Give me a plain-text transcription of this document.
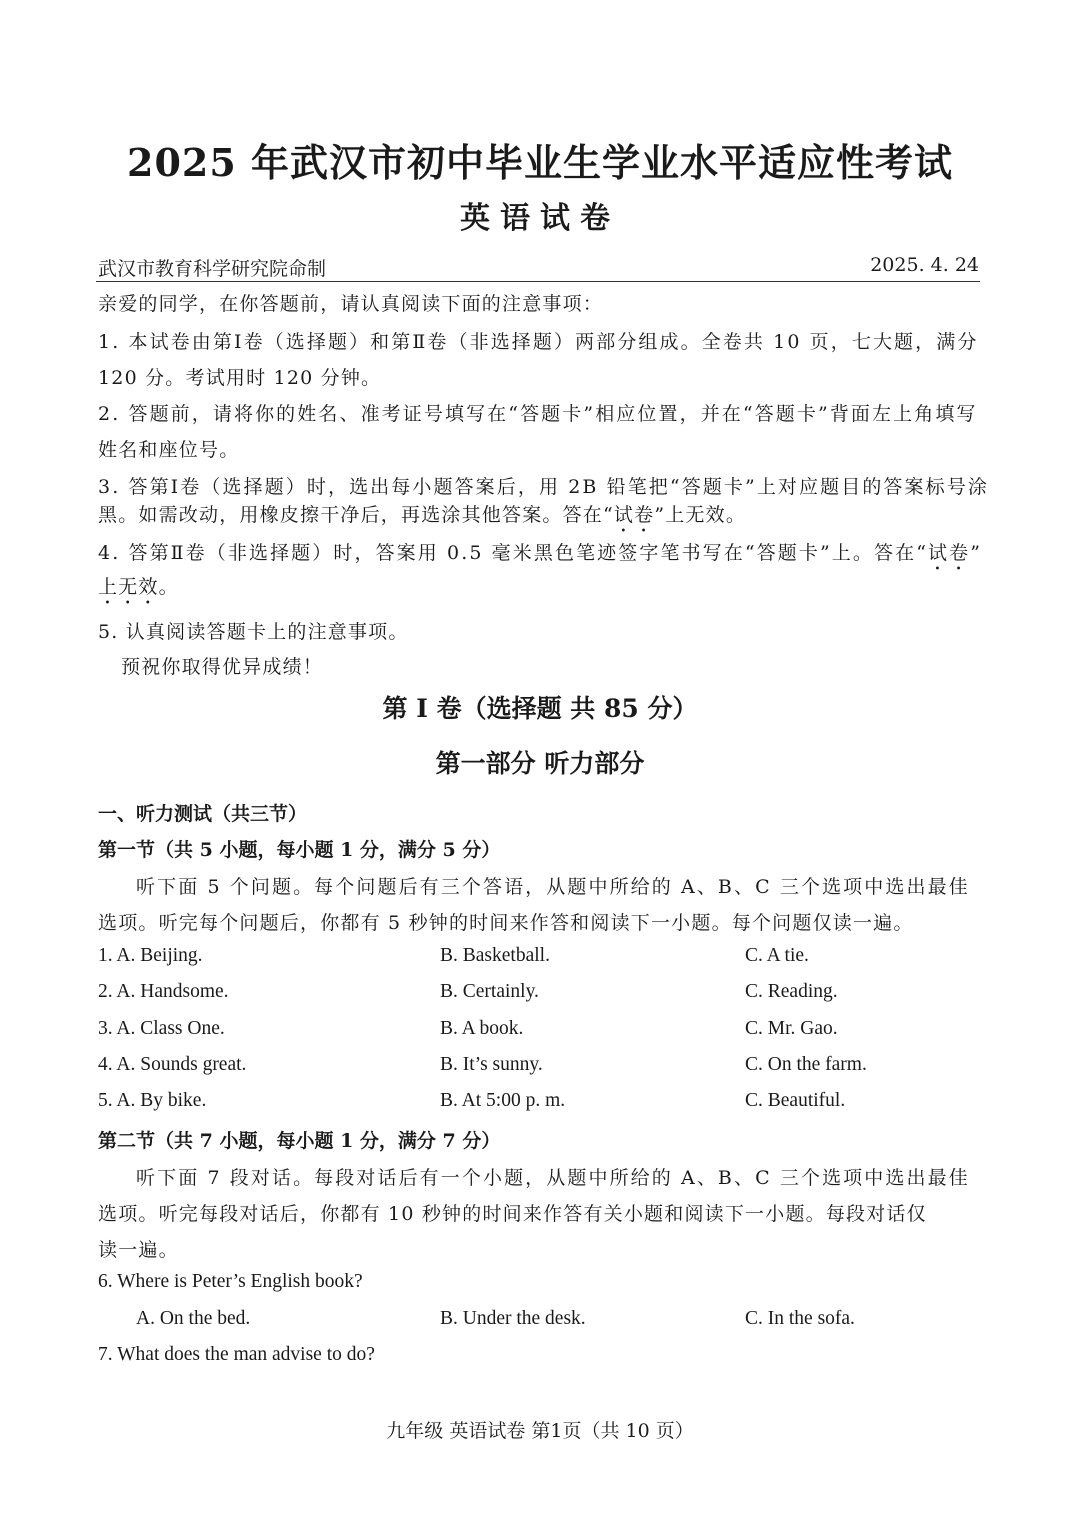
2025 年武汉市初中毕业生学业水平适应性考试
英语试卷
武汉市教育科学研究院命制	2025. 4. 24
亲爱的同学，在你答题前，请认真阅读下面的注意事项：
1. 本试卷由第Ⅰ卷（选择题）和第Ⅱ卷（非选择题）两部分组成。全卷共 10 页，七大题，满分
120 分。考试用时 120 分钟。
2. 答题前，请将你的姓名、准考证号填写在“答题卡”相应位置，并在“答题卡”背面左上角填写
姓名和座位号。
3. 答第Ⅰ卷（选择题）时，选出每小题答案后，用 2B 铅笔把“答题卡”上对应题目的答案标号涂
黑。如需改动，用橡皮擦干净后，再选涂其他答案。答在“试卷”上无效。
4. 答第Ⅱ卷（非选择题）时，答案用 0.5 毫米黑色笔迹签字笔书写在“答题卡”上。答在“试卷”
上无效。
5. 认真阅读答题卡上的注意事项。
预祝你取得优异成绩！
第 I 卷（选择题 共 85 分）
第一部分 听力部分
一、听力测试（共三节）
第一节（共 5 小题，每小题 1 分，满分 5 分）
听下面 5 个问题。每个问题后有三个答语，从题中所给的 A、B、C 三个选项中选出最佳
选项。听完每个问题后，你都有 5 秒钟的时间来作答和阅读下一小题。每个问题仅读一遍。
1. A. Beijing.	B. Basketball.	C. A tie.
2. A. Handsome.	B. Certainly.	C. Reading.
3. A. Class One.	B. A book.	C. Mr. Gao.
4. A. Sounds great.	B. It’s sunny.	C. On the farm.
5. A. By bike.	B. At 5:00 p. m.	C. Beautiful.
第二节（共 7 小题，每小题 1 分，满分 7 分）
听下面 7 段对话。每段对话后有一个小题，从题中所给的 A、B、C 三个选项中选出最佳
选项。听完每段对话后，你都有 10 秒钟的时间来作答有关小题和阅读下一小题。每段对话仅
读一遍。
6. Where is Peter’s English book?
A. On the bed.	B. Under the desk.	C. In the sofa.
7. What does the man advise to do?
九年级 英语试卷 第1页（共 10 页）
